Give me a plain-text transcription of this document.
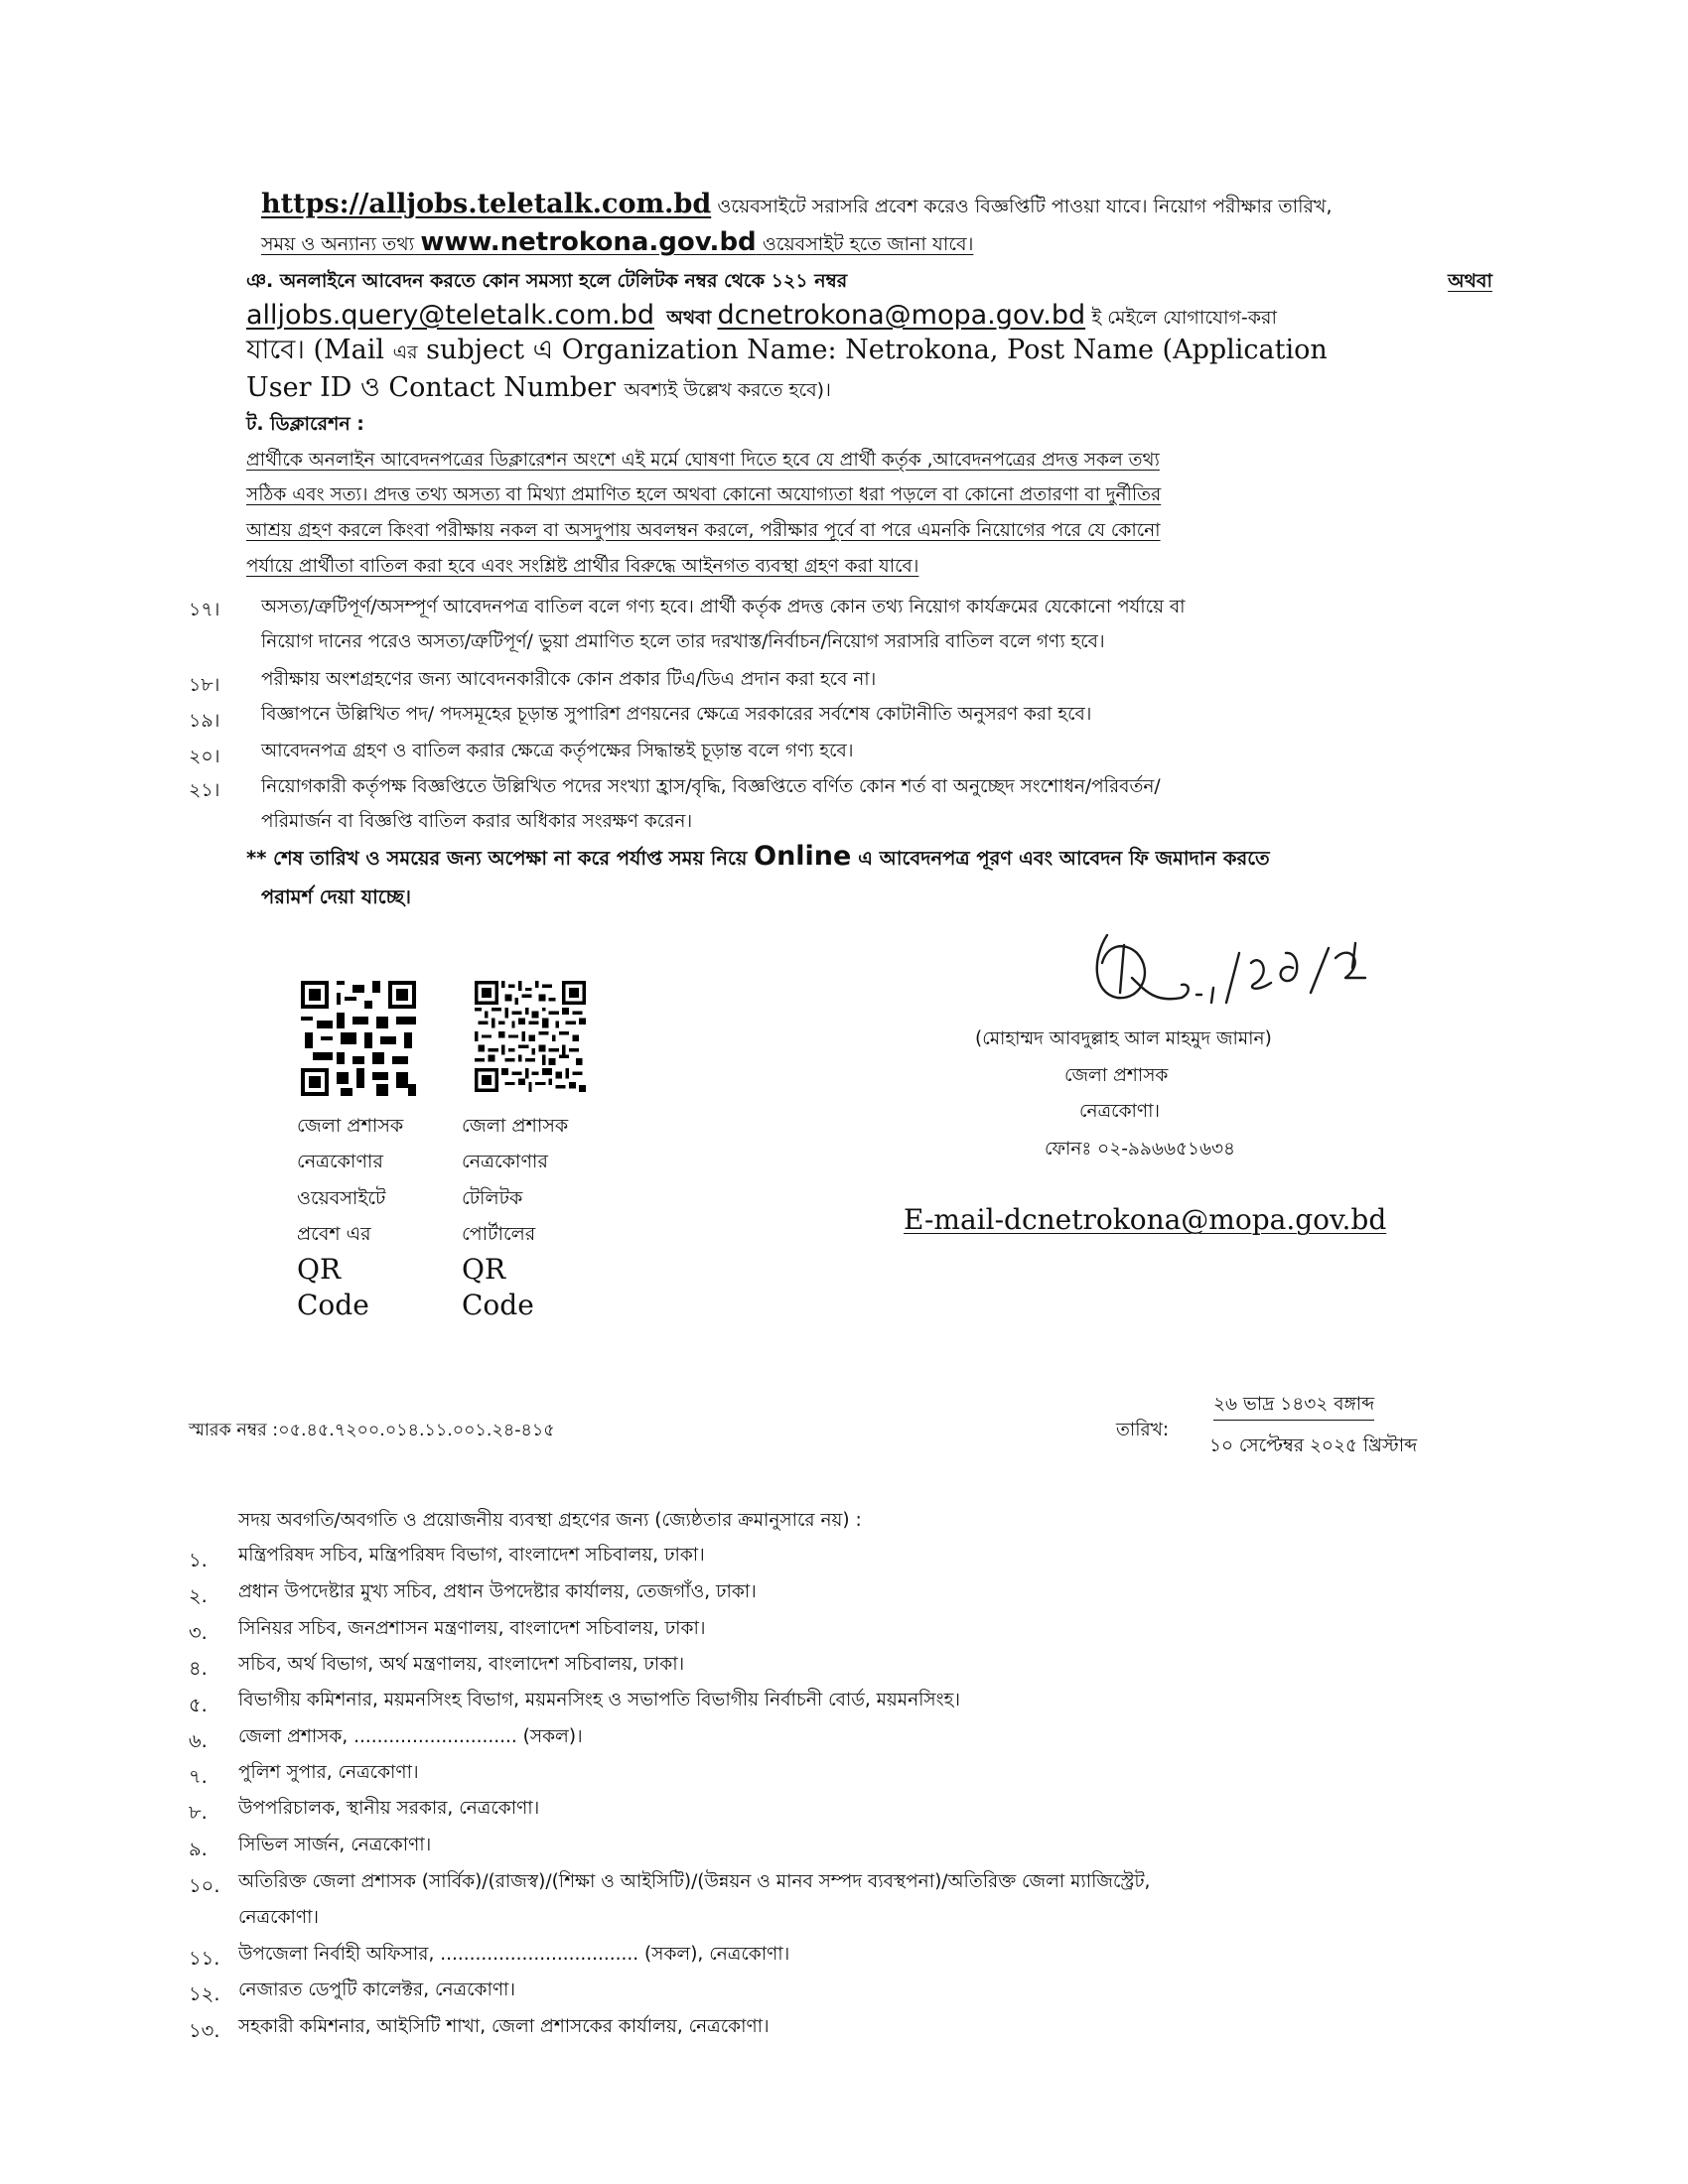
https://alljobs.teletalk.com.bd ওয়েবসাইটে সরাসরি প্রবেশ করেও বিজ্ঞপ্তিটি পাওয়া যাবে। নিয়োগ পরীক্ষার তারিখ,
সময় ও অন্যান্য তথ্য www.netrokona.gov.bd ওয়েবসাইট হতে জানা যাবে।
ঞ. অনলাইনে আবেদন করতে কোন সমস্যা হলে টেলিটক নম্বর থেকে ১২১ নম্বর	অথবা
alljobs.query@teletalk.com.bd অথবা dcnetrokona@mopa.gov.bd ই মেইলে যোগাযোগ-করা
যাবে। (Mail এর subject এ Organization Name: Netrokona, Post Name (Application
User ID ও Contact Number অবশ্যই উল্লেখ করতে হবে)।
ট. ডিক্লারেশন :
প্রার্থীকে অনলাইন আবেদনপত্রের ডিক্লারেশন অংশে এই মর্মে ঘোষণা দিতে হবে যে প্রার্থী কর্তৃক ,আবেদনপত্রের প্রদত্ত সকল তথ্য
সঠিক এবং সত্য। প্রদত্ত তথ্য অসত্য বা মিথ্যা প্রমাণিত হলে অথবা কোনো অযোগ্যতা ধরা পড়লে বা কোনো প্রতারণা বা দুর্নীতির
আশ্রয় গ্রহণ করলে কিংবা পরীক্ষায় নকল বা অসদুপায় অবলম্বন করলে, পরীক্ষার পূর্বে বা পরে এমনকি নিয়োগের পরে যে কোনো
পর্যায়ে প্রার্থীতা বাতিল করা হবে এবং সংশ্লিষ্ট প্রার্থীর বিরুদ্ধে আইনগত ব্যবস্থা গ্রহণ করা যাবে।
১৭। অসত্য/ত্রুটিপূর্ণ/অসম্পূর্ণ আবেদনপত্র বাতিল বলে গণ্য হবে। প্রার্থী কর্তৃক প্রদত্ত কোন তথ্য নিয়োগ কার্যক্রমের যেকোনো পর্যায়ে বা
নিয়োগ দানের পরেও অসত্য/ত্রুটিপূর্ণ/ ভুয়া প্রমাণিত হলে তার দরখাস্ত/নির্বাচন/নিয়োগ সরাসরি বাতিল বলে গণ্য হবে।
১৮। পরীক্ষায় অংশগ্রহণের জন্য আবেদনকারীকে কোন প্রকার টিএ/ডিএ প্রদান করা হবে না।
১৯। বিজ্ঞাপনে উল্লিখিত পদ/ পদসমূহের চূড়ান্ত সুপারিশ প্রণয়নের ক্ষেত্রে সরকারের সর্বশেষ কোটানীতি অনুসরণ করা হবে।
২০। আবেদনপত্র গ্রহণ ও বাতিল করার ক্ষেত্রে কর্তৃপক্ষের সিদ্ধান্তই চূড়ান্ত বলে গণ্য হবে।
২১। নিয়োগকারী কর্তৃপক্ষ বিজ্ঞপ্তিতে উল্লিখিত পদের সংখ্যা হ্রাস/বৃদ্ধি, বিজ্ঞপ্তিতে বর্ণিত কোন শর্ত বা অনুচ্ছেদ সংশোধন/পরিবর্তন/
পরিমার্জন বা বিজ্ঞপ্তি বাতিল করার অধিকার সংরক্ষণ করেন।
** শেষ তারিখ ও সময়ের জন্য অপেক্ষা না করে পর্যাপ্ত সময় নিয়ে Online এ আবেদনপত্র পূরণ এবং আবেদন ফি জমাদান করতে
পরামর্শ দেয়া যাচ্ছে।
জেলা প্রশাসক
নেত্রকোণার
ওয়েবসাইটে
প্রবেশ এর
QR
Code
জেলা প্রশাসক
নেত্রকোণার
টেলিটক
পোর্টালের
QR
Code
(মোহাম্মদ আবদুল্লাহ আল মাহমুদ জামান)
জেলা প্রশাসক
নেত্রকোণা।
ফোনঃ ০২-৯৯৬৬৫১৬৩৪
E-mail-dcnetrokona@mopa.gov.bd
স্মারক নম্বর :০৫.৪৫.৭২০০.০১৪.১১.০০১.২৪-৪১৫	তারিখ:
২৬ ভাদ্র ১৪৩২ বঙ্গাব্দ
১০ সেপ্টেম্বর ২০২৫ খ্রিস্টাব্দ
সদয় অবগতি/অবগতি ও প্রয়োজনীয় ব্যবস্থা গ্রহণের জন্য (জ্যেষ্ঠতার ক্রমানুসারে নয়) :
১. মন্ত্রিপরিষদ সচিব, মন্ত্রিপরিষদ বিভাগ, বাংলাদেশ সচিবালয়, ঢাকা।
২. প্রধান উপদেষ্টার মুখ্য সচিব, প্রধান উপদেষ্টার কার্যালয়, তেজগাঁও, ঢাকা।
৩. সিনিয়র সচিব, জনপ্রশাসন মন্ত্রণালয়, বাংলাদেশ সচিবালয়, ঢাকা।
৪. সচিব, অর্থ বিভাগ, অর্থ মন্ত্রণালয়, বাংলাদেশ সচিবালয়, ঢাকা।
৫. বিভাগীয় কমিশনার, ময়মনসিংহ বিভাগ, ময়মনসিংহ ও সভাপতি বিভাগীয় নির্বাচনী বোর্ড, ময়মনসিংহ।
৬. জেলা প্রশাসক, ............................ (সকল)।
৭. পুলিশ সুপার, নেত্রকোণা।
৮. উপপরিচালক, স্থানীয় সরকার, নেত্রকোণা।
৯. সিভিল সার্জন, নেত্রকোণা।
১০. অতিরিক্ত জেলা প্রশাসক (সার্বিক)/(রাজস্ব)/(শিক্ষা ও আইসিটি)/(উন্নয়ন ও মানব সম্পদ ব্যবস্থপনা)/অতিরিক্ত জেলা ম্যাজিস্ট্রেট,
নেত্রকোণা।
১১. উপজেলা নির্বাহী অফিসার, .................................. (সকল), নেত্রকোণা।
১২. নেজারত ডেপুটি কালেক্টর, নেত্রকোণা।
১৩. সহকারী কমিশনার, আইসিটি শাখা, জেলা প্রশাসকের কার্যালয়, নেত্রকোণা।
